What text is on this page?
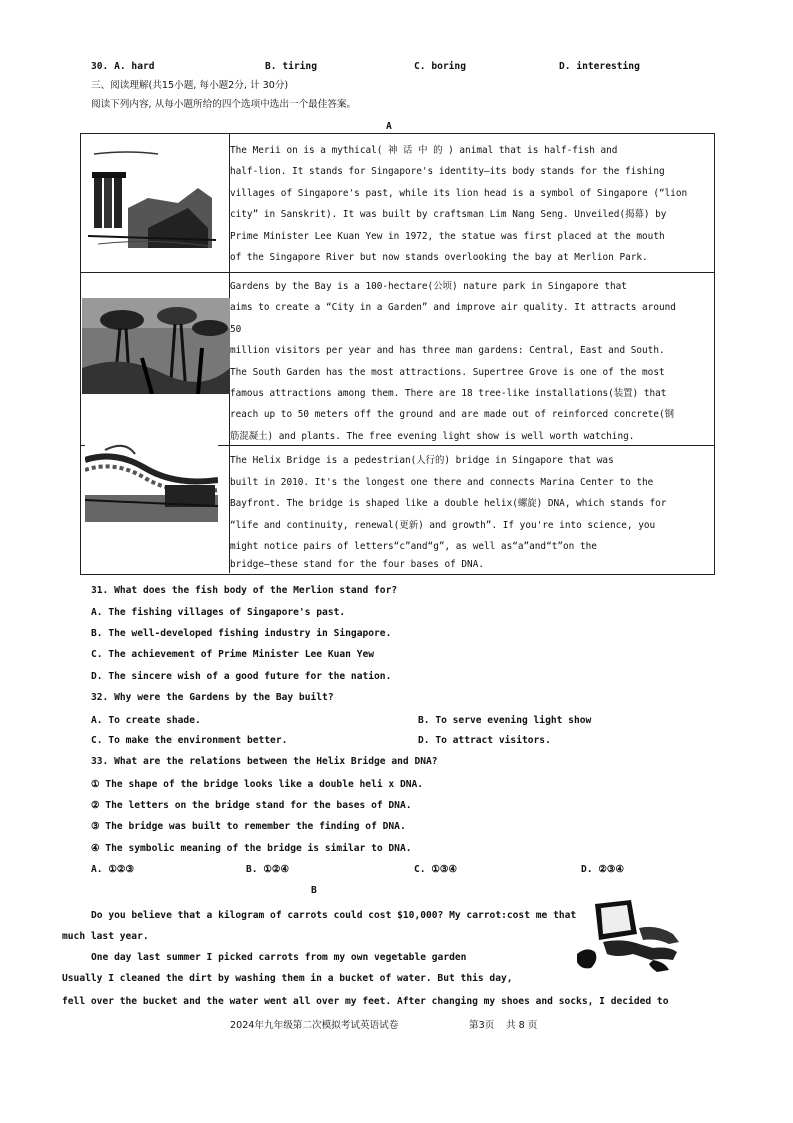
30. A. hard	B. tiring	C. boring	D. interesting
三、阅读理解(共15小题, 每小题2分, 计 30分)
阅读下列内容, 从每小题所给的四个选项中选出一个最佳答案。
A
The Merii on is a mythical( 神 话 中 的 ) animal that is half-fish and
half-lion. It stands for Singapore's identity—its body stands for the fishing
villages of Singapore's past, while its lion head is a symbol of Singapore (“lion
city” in Sanskrit). It was built by craftsman Lim Nang Seng. Unveiled(揭幕) by
Prime Minister Lee Kuan Yew in 1972, the statue was first placed at the mouth
of the Singapore River but now stands overlooking the bay at Merlion Park.
Gardens by the Bay is a 100-hectare(公顷) nature park in Singapore that
aims to create a “City in a Garden” and improve air quality. It attracts around
50
million visitors per year and has three man gardens: Central, East and South.
The South Garden has the most attractions. Supertree Grove is one of the most
famous attractions among them. There are 18 tree-like installations(装置) that
reach up to 50 meters off the ground and are made out of reinforced concrete(钢
筋混凝土) and plants. The free evening light show is well worth watching.
The Helix Bridge is a pedestrian(人行的) bridge in Singapore that was
built in 2010. It's the longest one there and connects Marina Center to the
Bayfront. The bridge is shaped like a double helix(螺旋) DNA, which stands for
“life and continuity, renewal(更新) and growth”. If you're into science, you
might notice pairs of letters“c”and“g”, as well as“a”and“t”on the
bridge—these stand for the four bases of DNA.
31. What does the fish body of the Merlion stand for?
A. The fishing villages of Singapore's past.
B. The well-developed fishing industry in Singapore.
C. The achievement of Prime Minister Lee Kuan Yew
D. The sincere wish of a good future for the nation.
32. Why were the Gardens by the Bay built?
A. To create shade.	B. To serve evening light show
C. To make the environment better.	D. To attract visitors.
33. What are the relations between the Helix Bridge and DNA?
① The shape of the bridge looks like a double heli x DNA.
② The letters on the bridge stand for the bases of DNA.
③ The bridge was built to remember the finding of DNA.
④ The symbolic meaning of the bridge is similar to DNA.
A. ①②③	B. ①②④	C. ①③④	D. ②③④
B
Do you believe that a kilogram of carrots could cost $10,000? My carrot:cost me that
much last year.
One day last summer I picked carrots from my own vegetable garden
Usually I cleaned the dirt by washing them in a bucket of water. But this day,
fell over the bucket and the water went all over my feet. After changing my shoes and socks, I decided to
2024年九年级第二次模拟考试英语试卷	第3页 共 8 页
